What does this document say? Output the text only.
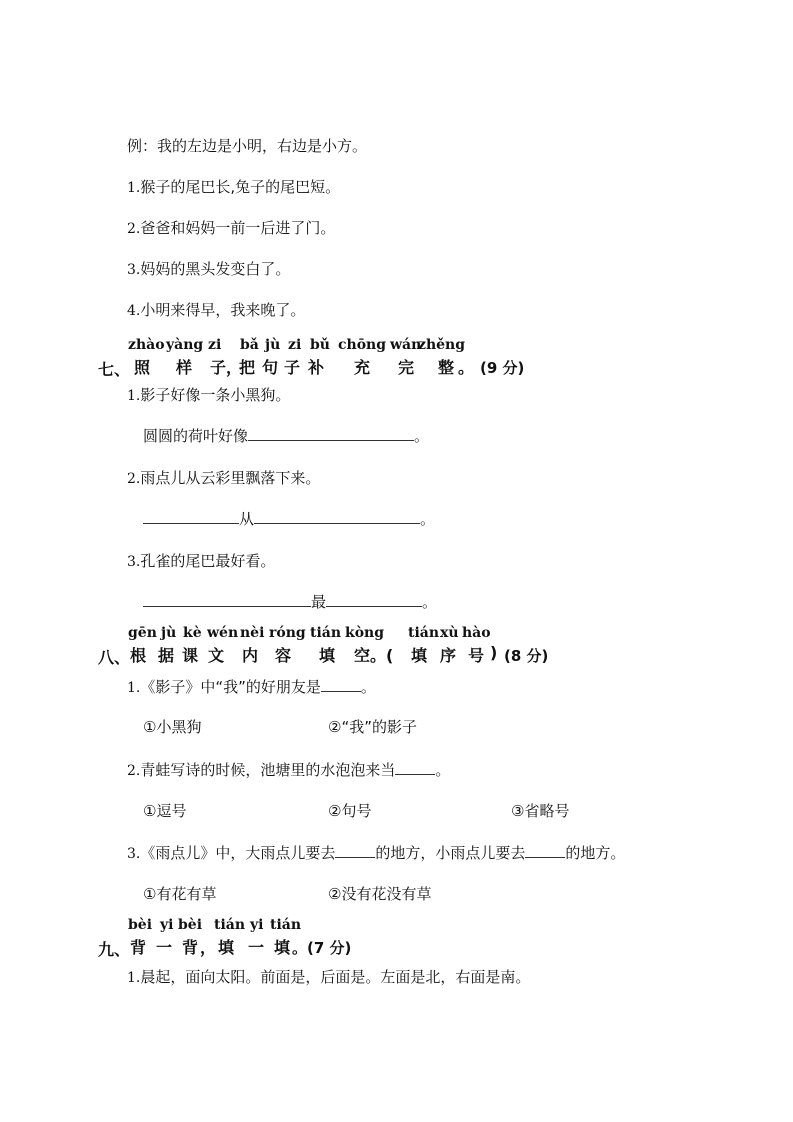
例：我的左边是小明，右边是小方。
1.猴子的尾巴长,兔子的尾巴短。
2.爸爸和妈妈一前一后进了门。
3.妈妈的黑头发变白了。
4.小明来得早，我来晚了。
七、
zhào yàng zi bǎ jù zi bǔ chōng wán
zhěng
照 样 子 ，
把 句 子 补 充 完 整 。 (9 分)
1.影子好像一条小黑狗。
圆圆的荷叶好像	。
2.雨点儿从云彩里飘落下来。
从	。
3.孔雀的尾巴最好看。
最	。
八、
gēn jù kè wén nèi róng tián kòng tián xù hào
根 据 课 文 内 容 填 空 。( 填 序 号 ) (8 分)
1.《影子》中“我”的好朋友是	。
①小黑狗	②“我”的影子
2.青蛙写诗的时候，池塘里的水泡泡来当	。
①逗号	②句号	③省略号
3.《雨点儿》中，大雨点儿要去	的地方，小雨点儿要去	的地方。
①有花有草	②没有花没有草
九、
bèi yi bèi tián yi tián
背 一 背 ， 填 一 填 。(7 分)
1.晨起，面向太阳。前面是，后面是。左面是北，右面是南。
